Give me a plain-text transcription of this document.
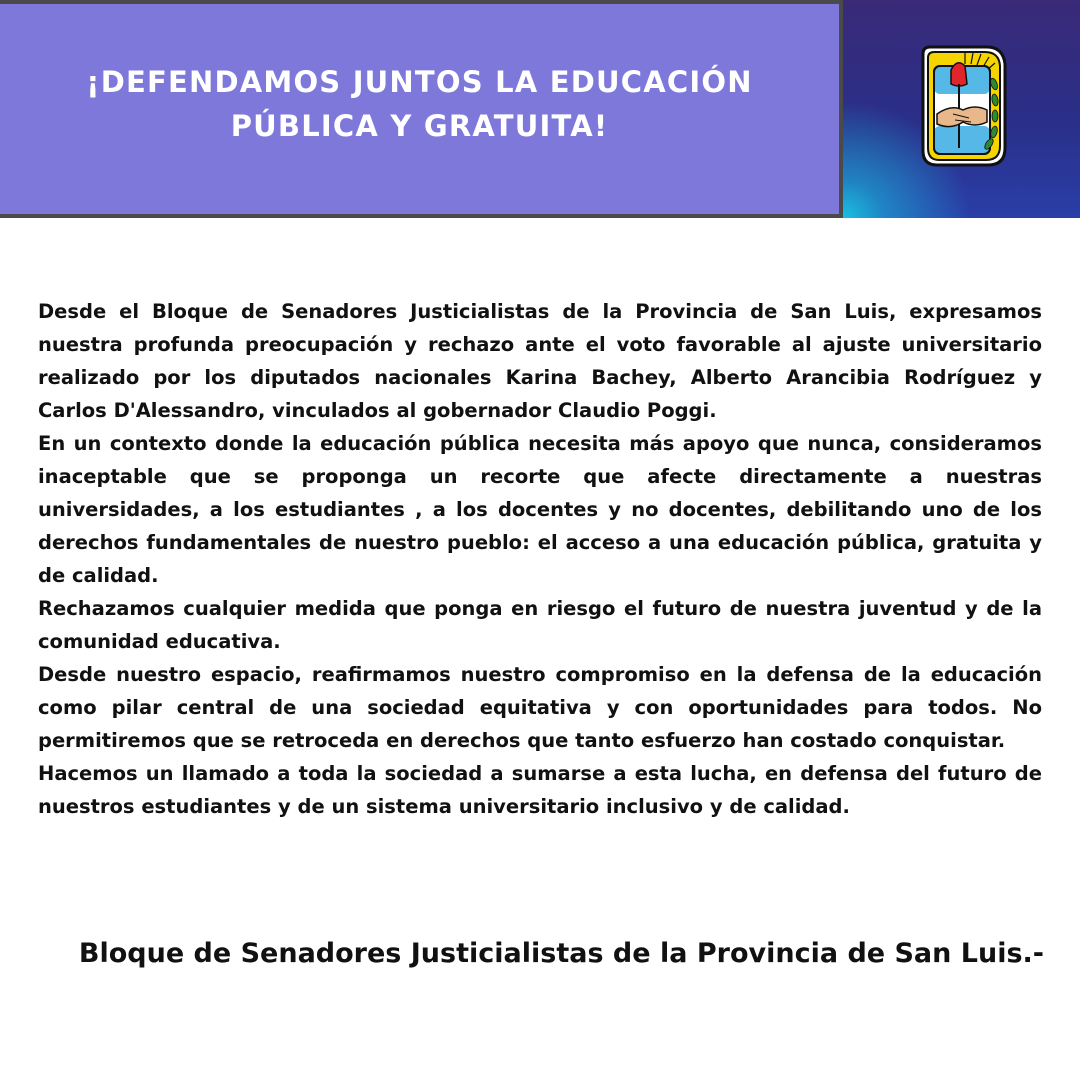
¡DEFENDAMOS JUNTOS LA EDUCACIÓN
PÚBLICA Y GRATUITA!

Desde el Bloque de Senadores Justicialistas de la Provincia de San Luis, expresamos nuestra profunda preocupación y rechazo ante el voto favorable al ajuste universitario realizado por los diputados nacionales Karina Bachey, Alberto Arancibia Rodríguez y Carlos D'Alessandro, vinculados al gobernador Claudio Poggi.

En un contexto donde la educación pública necesita más apoyo que nunca, consideramos inaceptable que se proponga un recorte que afecte directamente a nuestras universidades, a los estudiantes , a los docentes y no docentes, debilitando uno de los derechos fundamentales de nuestro pueblo: el acceso a una educación pública, gratuita y de calidad.

Rechazamos cualquier medida que ponga en riesgo el futuro de nuestra juventud y de la comunidad educativa.

Desde nuestro espacio, reafirmamos nuestro compromiso en la defensa de la educación como pilar central de una sociedad equitativa y con oportunidades para todos. No permitiremos que se retroceda en derechos que tanto esfuerzo han costado conquistar.

Hacemos un llamado a toda la sociedad a sumarse a esta lucha, en defensa del futuro de nuestros estudiantes y de un sistema universitario inclusivo y de calidad.

Bloque de Senadores Justicialistas de la Provincia de San Luis.-
